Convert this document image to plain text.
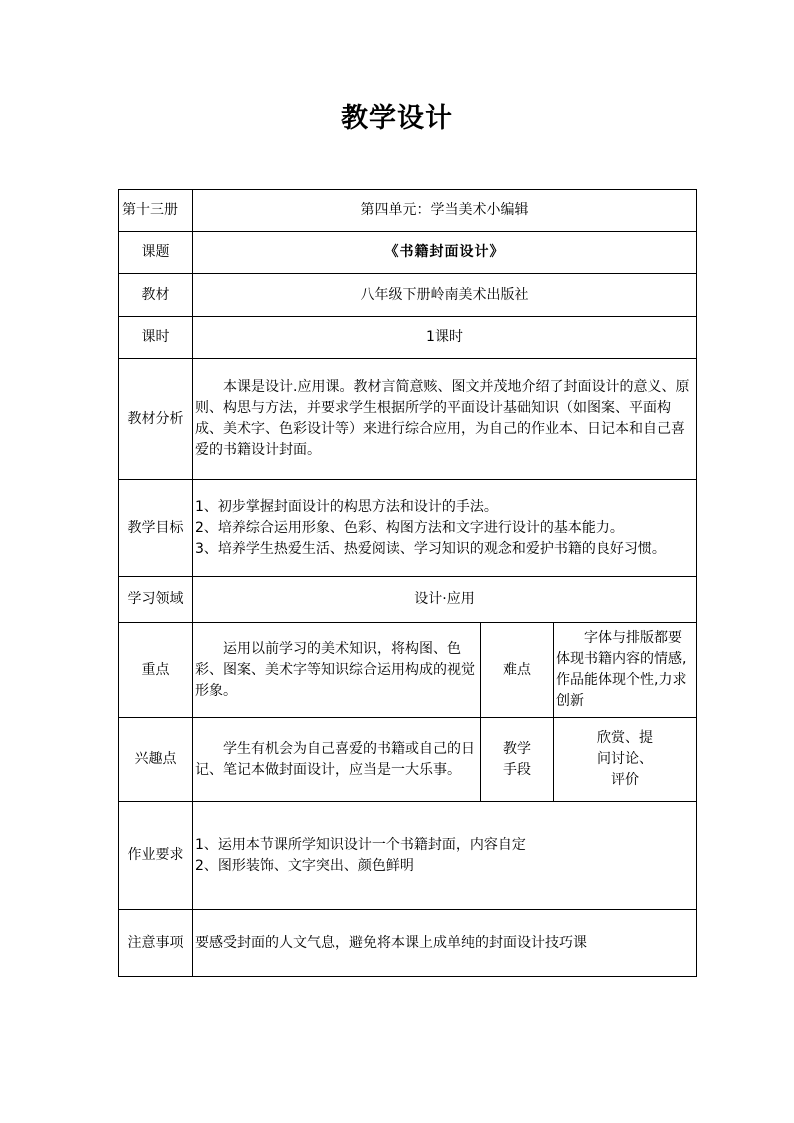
教学设计
第十三册	第四单元：学当美术小编辑		
课题	《书籍封面设计》		
教材	八年级下册岭南美术出版社		
课时	1课时		
教材分析	本课是设计.应用课。教材言简意赅、图文并茂地介绍了封面设计的意义、原则、构思与方法，并要求学生根据所学的平面设计基础知识（如图案、平面构成、美术字、色彩设计等）来进行综合应用，为自己的作业本、日记本和自己喜爱的书籍设计封面。		

教学目标	1、初步掌握封面设计的构思方法和设计的手法。
2、培养综合运用形象、色彩、构图方法和文字进行设计的基本能力。
3、培养学生热爱生活、热爱阅读、学习知识的观念和爱护书籍的良好习惯。		

学习领域	设计·应用		
重点	运用以前学习的美术知识，将构图、色彩、图案、美术字等知识综合运用构成的视觉形象。	难点	字体与排版都要体现书籍内容的情感,作品能体现个性,力求创新

兴趣点	学生有机会为自己喜爱的书籍或自己的日记、笔记本做封面设计，应当是一大乐事。	教学手段	欣赏、提问讨论、评价

作业要求	1、运用本节课所学知识设计一个书籍封面，内容自定
2、图形装饰、文字突出、颜色鲜明		

注意事项	要感受封面的人文气息，避免将本课上成单纯的封面设计技巧课		
